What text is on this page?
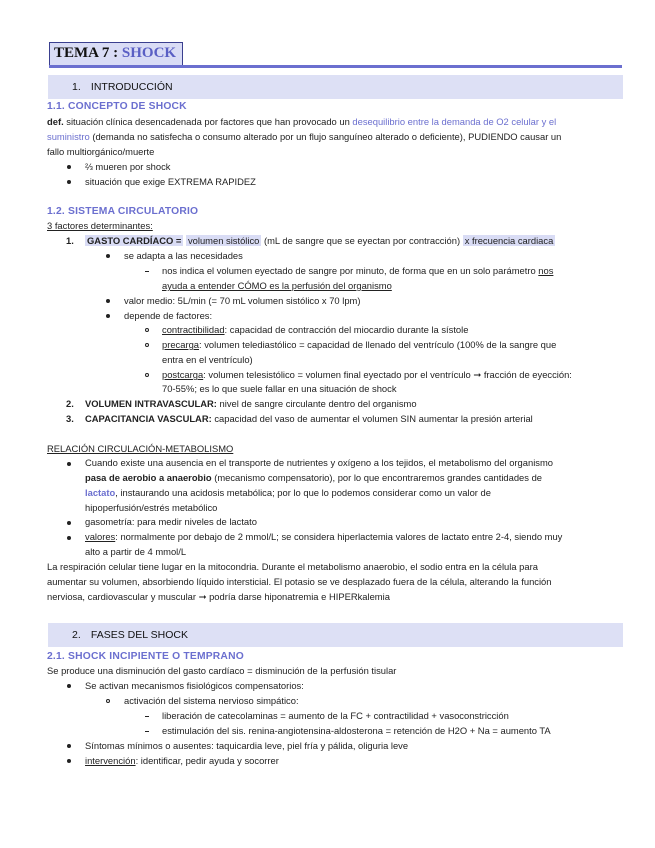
TEMA 7 : SHOCK
1. INTRODUCCIÓN
1.1. CONCEPTO DE SHOCK
def. situación clínica desencadenada por factores que han provocado un desequilibrio entre la demanda de O2 celular y el
suministro (demanda no satisfecha o consumo alterado por un flujo sanguíneo alterado o deficiente), PUDIENDO causar un
fallo multiorgánico/muerte
⅔ mueren por shock
situación que exige EXTREMA RAPIDEZ
1.2. SISTEMA CIRCULATORIO
3 factores determinantes:
1. GASTO CARDÍACO = volumen sistólico (mL de sangre que se eyectan por contracción) x frecuencia cardiaca
se adapta a las necesidades
nos indica el volumen eyectado de sangre por minuto, de forma que en un solo parámetro nos
ayuda a entender CÓMO es la perfusión del organismo
valor medio: 5L/min (= 70 mL volumen sistólico x 70 lpm)
depende de factores:
contractibilidad: capacidad de contracción del miocardio durante la sístole
precarga: volumen telediastólico = capacidad de llenado del ventrículo (100% de la sangre que
entra en el ventrículo)
postcarga: volumen telesistólico = volumen final eyectado por el ventrículo ➞ fracción de eyección:
70-55%; es lo que suele fallar en una situación de shock
2. VOLUMEN INTRAVASCULAR: nivel de sangre circulante dentro del organismo
3. CAPACITANCIA VASCULAR: capacidad del vaso de aumentar el volumen SIN aumentar la presión arterial
RELACIÓN CIRCULACIÓN-METABOLISMO
Cuando existe una ausencia en el transporte de nutrientes y oxígeno a los tejidos, el metabolismo del organismo
pasa de aerobio a anaerobio (mecanismo compensatorio), por lo que encontraremos grandes cantidades de
lactato, instaurando una acidosis metabólica; por lo que lo podemos considerar como un valor de
hipoperfusión/estrés metabólico
gasometría: para medir niveles de lactato
valores: normalmente por debajo de 2 mmol/L; se considera hiperlactemia valores de lactato entre 2-4, siendo muy
alto a partir de 4 mmol/L
La respiración celular tiene lugar en la mitocondria. Durante el metabolismo anaerobio, el sodio entra en la célula para
aumentar su volumen, absorbiendo líquido intersticial. El potasio se ve desplazado fuera de la célula, alterando la función
nerviosa, cardiovascular y muscular ➞ podría darse hiponatremia e HIPERkalemia
2. FASES DEL SHOCK
2.1. SHOCK INCIPIENTE O TEMPRANO
Se produce una disminución del gasto cardíaco = disminución de la perfusión tisular
Se activan mecanismos fisiológicos compensatorios:
activación del sistema nervioso simpático:
liberación de catecolaminas = aumento de la FC + contractilidad + vasoconstricción
estimulación del sis. renina-angiotensina-aldosterona = retención de H2O + Na = aumento TA
Síntomas mínimos o ausentes: taquicardia leve, piel fría y pálida, oliguria leve
intervención: identificar, pedir ayuda y socorrer
